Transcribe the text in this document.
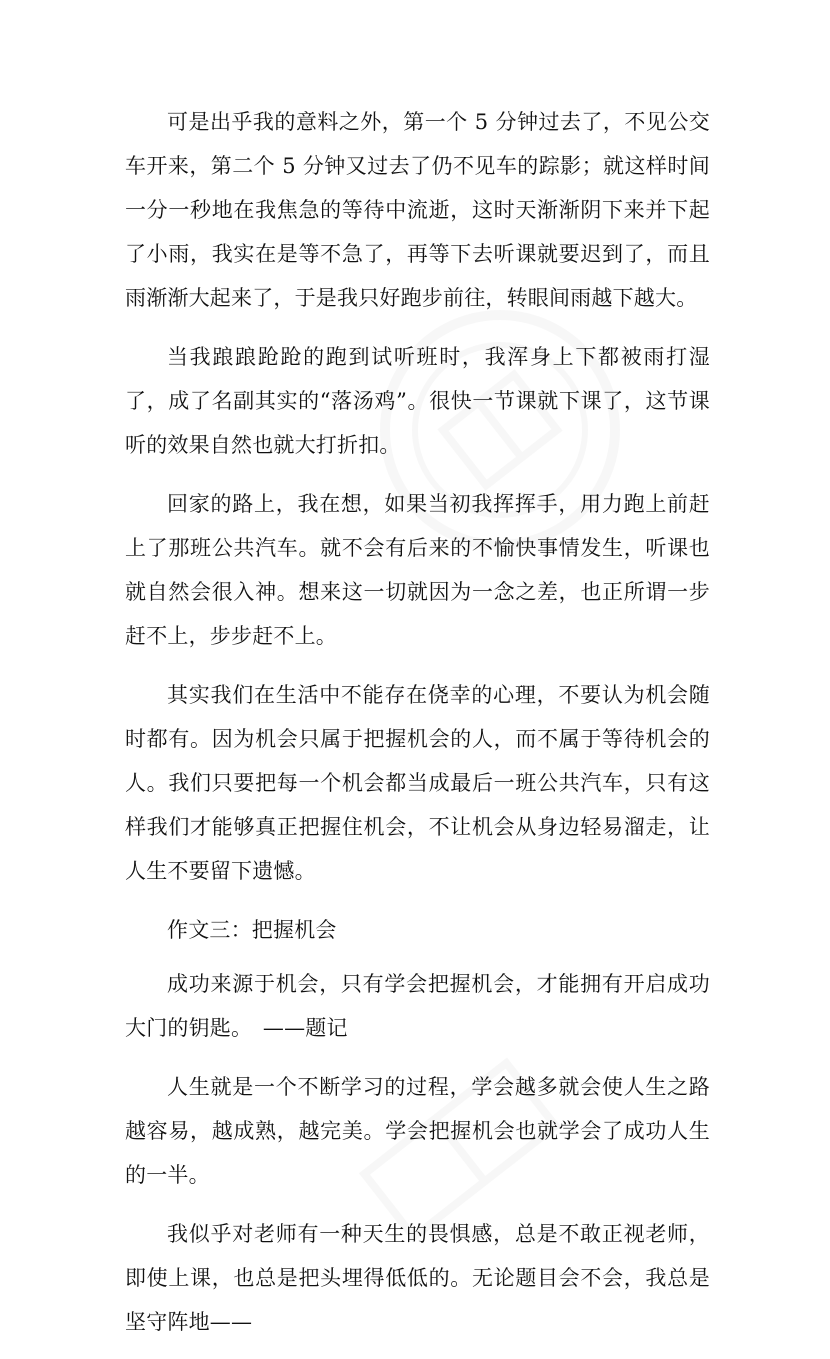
可是出乎我的意料之外，第一个 5 分钟过去了，不见公交车开来，第二个 5 分钟又过去了仍不见车的踪影；就这样时间一分一秒地在我焦急的等待中流逝，这时天渐渐阴下来并下起了小雨，我实在是等不急了，再等下去听课就要迟到了，而且雨渐渐大起来了，于是我只好跑步前往，转眼间雨越下越大。

当我踉踉跄跄的跑到试听班时，我浑身上下都被雨打湿了，成了名副其实的“落汤鸡”。很快一节课就下课了，这节课听的效果自然也就大打折扣。

回家的路上，我在想，如果当初我挥挥手，用力跑上前赶上了那班公共汽车。就不会有后来的不愉快事情发生，听课也就自然会很入神。想来这一切就因为一念之差，也正所谓一步赶不上，步步赶不上。

其实我们在生活中不能存在侥幸的心理，不要认为机会随时都有。因为机会只属于把握机会的人，而不属于等待机会的人。我们只要把每一个机会都当成最后一班公共汽车，只有这样我们才能够真正把握住机会，不让机会从身边轻易溜走，让人生不要留下遗憾。

作文三：把握机会

成功来源于机会，只有学会把握机会，才能拥有开启成功大门的钥匙。　——题记

人生就是一个不断学习的过程，学会越多就会使人生之路越容易，越成熟，越完美。学会把握机会也就学会了成功人生的一半。

我似乎对老师有一种天生的畏惧感，总是不敢正视老师，即使上课，也总是把头埋得低低的。无论题目会不会，我总是坚守阵地——
